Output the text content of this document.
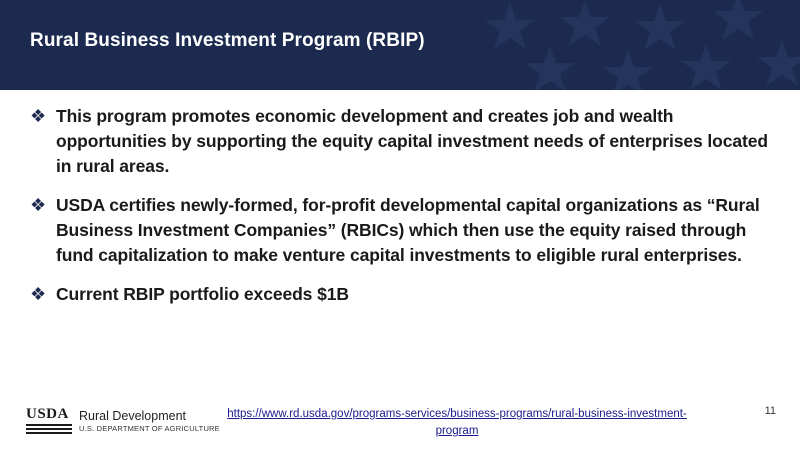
Rural Business Investment Program (RBIP)
❖ This program promotes economic development and creates job and wealth opportunities by supporting the equity capital investment needs of enterprises located in rural areas.
❖ USDA certifies newly-formed, for-profit developmental capital organizations as “Rural Business Investment Companies” (RBICs) which then use the equity raised through fund capitalization to make venture capital investments to eligible rural enterprises.
❖ Current RBIP portfolio exceeds $1B
USDA Rural Development
U.S. DEPARTMENT OF AGRICULTURE
https://www.rd.usda.gov/programs-services/business-programs/rural-business-investment-program
11
